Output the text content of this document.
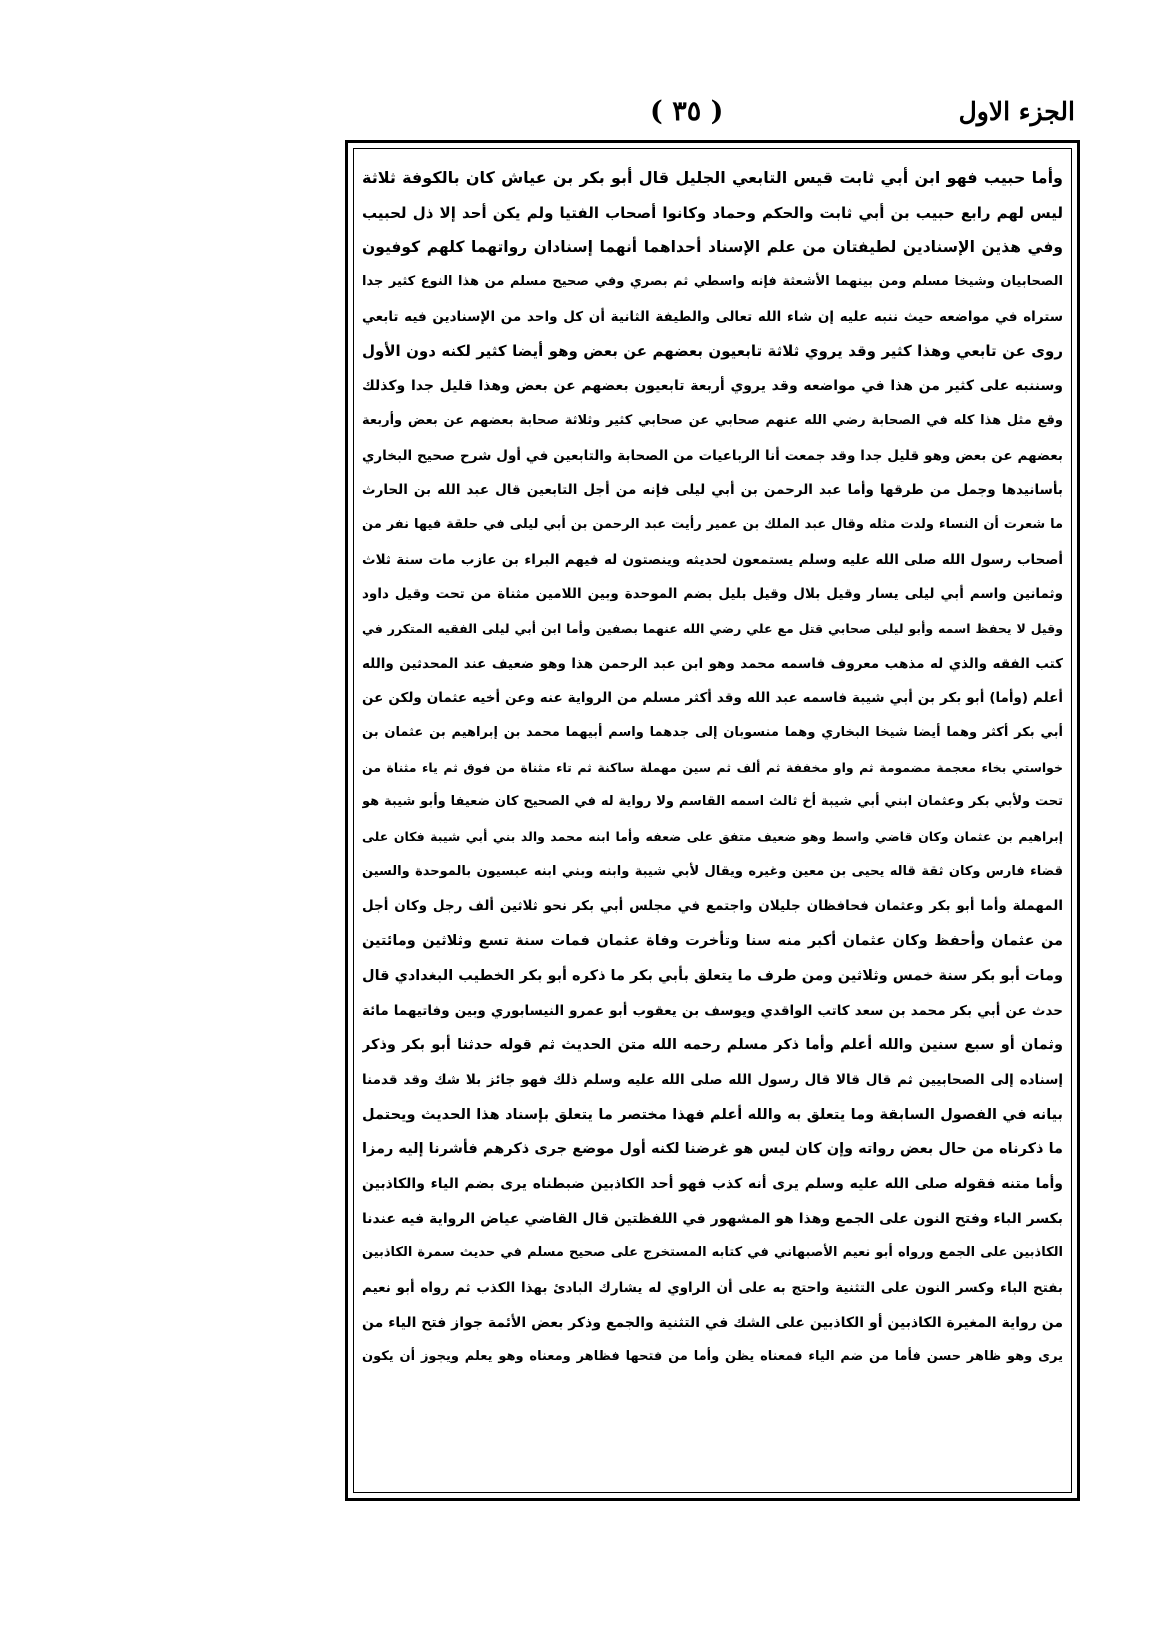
الجزء الاول
( ٣٥ )
وأما حبيب فهو ابن أبي ثابت قيس التابعي الجليل قال أبو بكر بن عياش كان بالكوفة ثلاثة
ليس لهم رابع حبيب بن أبي ثابت والحكم وحماد وكانوا أصحاب الفتيا ولم يكن أحد إلا ذل لحبيب
وفي هذين الإسنادين لطيفتان من علم الإسناد أحداهما أنهما إسنادان رواتهما كلهم كوفيون
الصحابيان وشيخا مسلم ومن بينهما الأشعثة فإنه واسطي ثم بصري وفي صحيح مسلم من هذا النوع كثير جدا
ستراه في مواضعه حيث ننبه عليه إن شاء الله تعالى والطيفة الثانية أن كل واحد من الإسنادين فيه تابعي
روى عن تابعي وهذا كثير وقد يروي ثلاثة تابعيون بعضهم عن بعض وهو أيضا كثير لكنه دون الأول
وسننبه على كثير من هذا في مواضعه وقد يروي أربعة تابعيون بعضهم عن بعض وهذا قليل جدا وكذلك
وقع مثل هذا كله في الصحابة رضي الله عنهم صحابي عن صحابي كثير وثلاثة صحابة بعضهم عن بعض وأربعة
بعضهم عن بعض وهو قليل جدا وقد جمعت أنا الرباعيات من الصحابة والتابعين في أول شرح صحيح البخاري
بأسانيدها وجمل من طرقها وأما عبد الرحمن بن أبي ليلى فإنه من أجل التابعين قال عبد الله بن الحارث
ما شعرت أن النساء ولدت مثله وقال عبد الملك بن عمير رأيت عبد الرحمن بن أبي ليلى في حلقة فيها نفر من
أصحاب رسول الله صلى الله عليه وسلم يستمعون لحديثه وينصتون له فيهم البراء بن عازب مات سنة ثلاث
وثمانين واسم أبي ليلى يسار وقيل بلال وقيل بليل بضم الموحدة وبين اللامين مثناة من تحت وقيل داود
وقيل لا يحفظ اسمه وأبو ليلى صحابي قتل مع علي رضي الله عنهما بصفين وأما ابن أبي ليلى الفقيه المتكرر في
كتب الفقه والذي له مذهب معروف فاسمه محمد وهو ابن عبد الرحمن هذا وهو ضعيف عند المحدثين والله
أعلم (وأما) أبو بكر بن أبي شيبة فاسمه عبد الله وقد أكثر مسلم من الرواية عنه وعن أخيه عثمان ولكن عن
أبي بكر أكثر وهما أيضا شيخا البخاري وهما منسوبان إلى جدهما واسم أبيهما محمد بن إبراهيم بن عثمان بن
خواستي بخاء معجمة مضمومة ثم واو مخففة ثم ألف ثم سين مهملة ساكنة ثم تاء مثناة من فوق ثم ياء مثناة من
تحت ولأبي بكر وعثمان ابني أبي شيبة أخ ثالث اسمه القاسم ولا رواية له في الصحيح كان ضعيفا وأبو شيبة هو
إبراهيم بن عثمان وكان قاضي واسط وهو ضعيف متفق على ضعفه وأما ابنه محمد والد بني أبي شيبة فكان على
قضاء فارس وكان ثقة قاله يحيى بن معين وغيره ويقال لأبي شيبة وابنه وبني ابنه عبسيون بالموحدة والسين
المهملة وأما أبو بكر وعثمان فحافظان جليلان واجتمع في مجلس أبي بكر نحو ثلاثين ألف رجل وكان أجل
من عثمان وأحفظ وكان عثمان أكبر منه سنا وتأخرت وفاة عثمان فمات سنة تسع وثلاثين ومائتين
ومات أبو بكر سنة خمس وثلاثين ومن طرف ما يتعلق بأبي بكر ما ذكره أبو بكر الخطيب البغدادي قال
حدث عن أبي بكر محمد بن سعد كاتب الواقدي ويوسف بن يعقوب أبو عمرو النيسابوري وبين وفاتيهما مائة
وثمان أو سبع سنين والله أعلم وأما ذكر مسلم رحمه الله متن الحديث ثم قوله حدثنا أبو بكر وذكر
إسناده إلى الصحابيين ثم قال قالا قال رسول الله صلى الله عليه وسلم ذلك فهو جائز بلا شك وقد قدمنا
بيانه في الفصول السابقة وما يتعلق به والله أعلم فهذا مختصر ما يتعلق بإسناد هذا الحديث ويحتمل
ما ذكرناه من حال بعض رواته وإن كان ليس هو غرضنا لكنه أول موضع جرى ذكرهم فأشرنا إليه رمزا
وأما متنه فقوله صلى الله عليه وسلم يرى أنه كذب فهو أحد الكاذبين ضبطناه يرى بضم الياء والكاذبين
بكسر الباء وفتح النون على الجمع وهذا هو المشهور في اللفظتين قال القاضي عياض الرواية فيه عندنا
الكاذبين على الجمع ورواه أبو نعيم الأصبهاني في كتابه المستخرج على صحيح مسلم في حديث سمرة الكاذبين
بفتح الباء وكسر النون على التثنية واحتج به على أن الراوي له يشارك البادئ بهذا الكذب ثم رواه أبو نعيم
من رواية المغيرة الكاذبين أو الكاذبين على الشك في التثنية والجمع وذكر بعض الأئمة جواز فتح الياء من
يرى وهو ظاهر حسن فأما من ضم الياء فمعناه يظن وأما من فتحها فظاهر ومعناه وهو يعلم ويجوز أن يكون
